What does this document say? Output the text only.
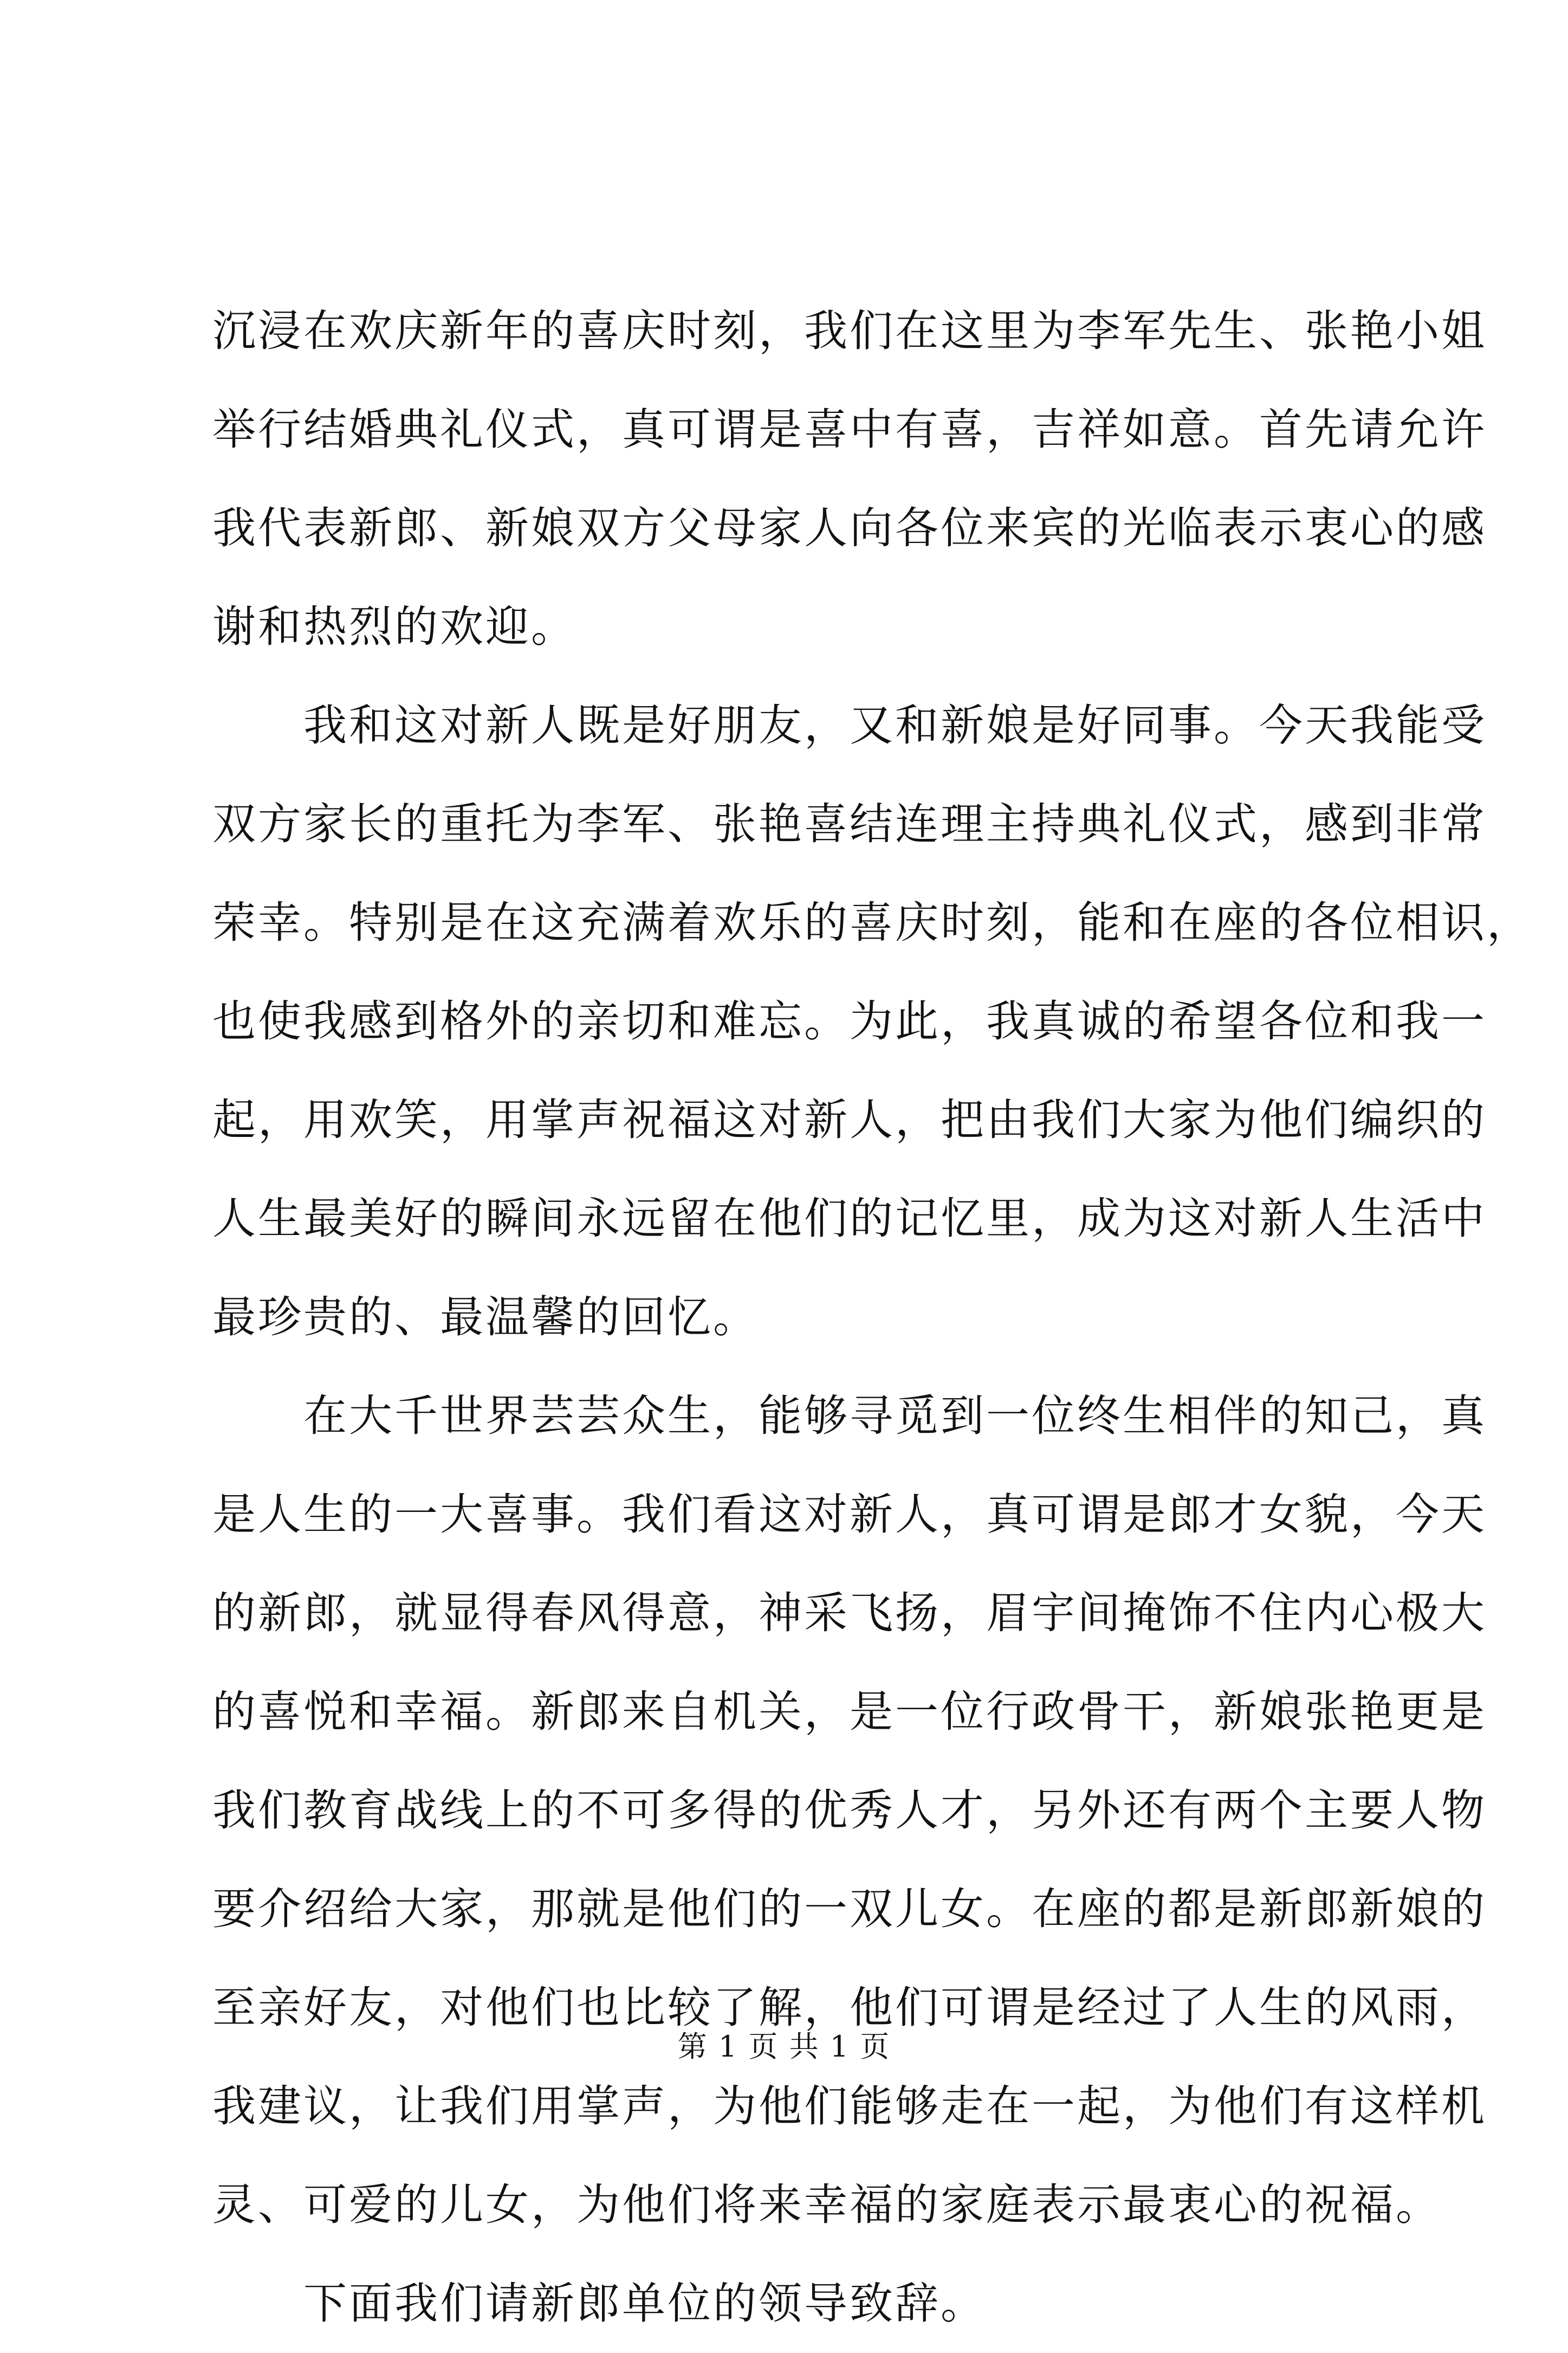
沉浸在欢庆新年的喜庆时刻，我们在这里为李军先生、张艳小姐
举行结婚典礼仪式，真可谓是喜中有喜，吉祥如意。首先请允许
我代表新郎、新娘双方父母家人向各位来宾的光临表示衷心的感
谢和热烈的欢迎。
我和这对新人既是好朋友，又和新娘是好同事。今天我能受
双方家长的重托为李军、张艳喜结连理主持典礼仪式，感到非常
荣幸。特别是在这充满着欢乐的喜庆时刻，能和在座的各位相识，
也使我感到格外的亲切和难忘。为此，我真诚的希望各位和我一
起，用欢笑，用掌声祝福这对新人，把由我们大家为他们编织的
人生最美好的瞬间永远留在他们的记忆里，成为这对新人生活中
最珍贵的、最温馨的回忆。
在大千世界芸芸众生，能够寻觅到一位终生相伴的知己，真
是人生的一大喜事。我们看这对新人，真可谓是郎才女貌，今天
的新郎，就显得春风得意，神采飞扬，眉宇间掩饰不住内心极大
的喜悦和幸福。新郎来自机关，是一位行政骨干，新娘张艳更是
我们教育战线上的不可多得的优秀人才，另外还有两个主要人物
要介绍给大家，那就是他们的一双儿女。在座的都是新郎新娘的
至亲好友，对他们也比较了解，他们可谓是经过了人生的风雨，
我建议，让我们用掌声，为他们能够走在一起，为他们有这样机
灵、可爱的儿女，为他们将来幸福的家庭表示最衷心的祝福。
下面我们请新郎单位的领导致辞。
第 1 页 共 1 页
